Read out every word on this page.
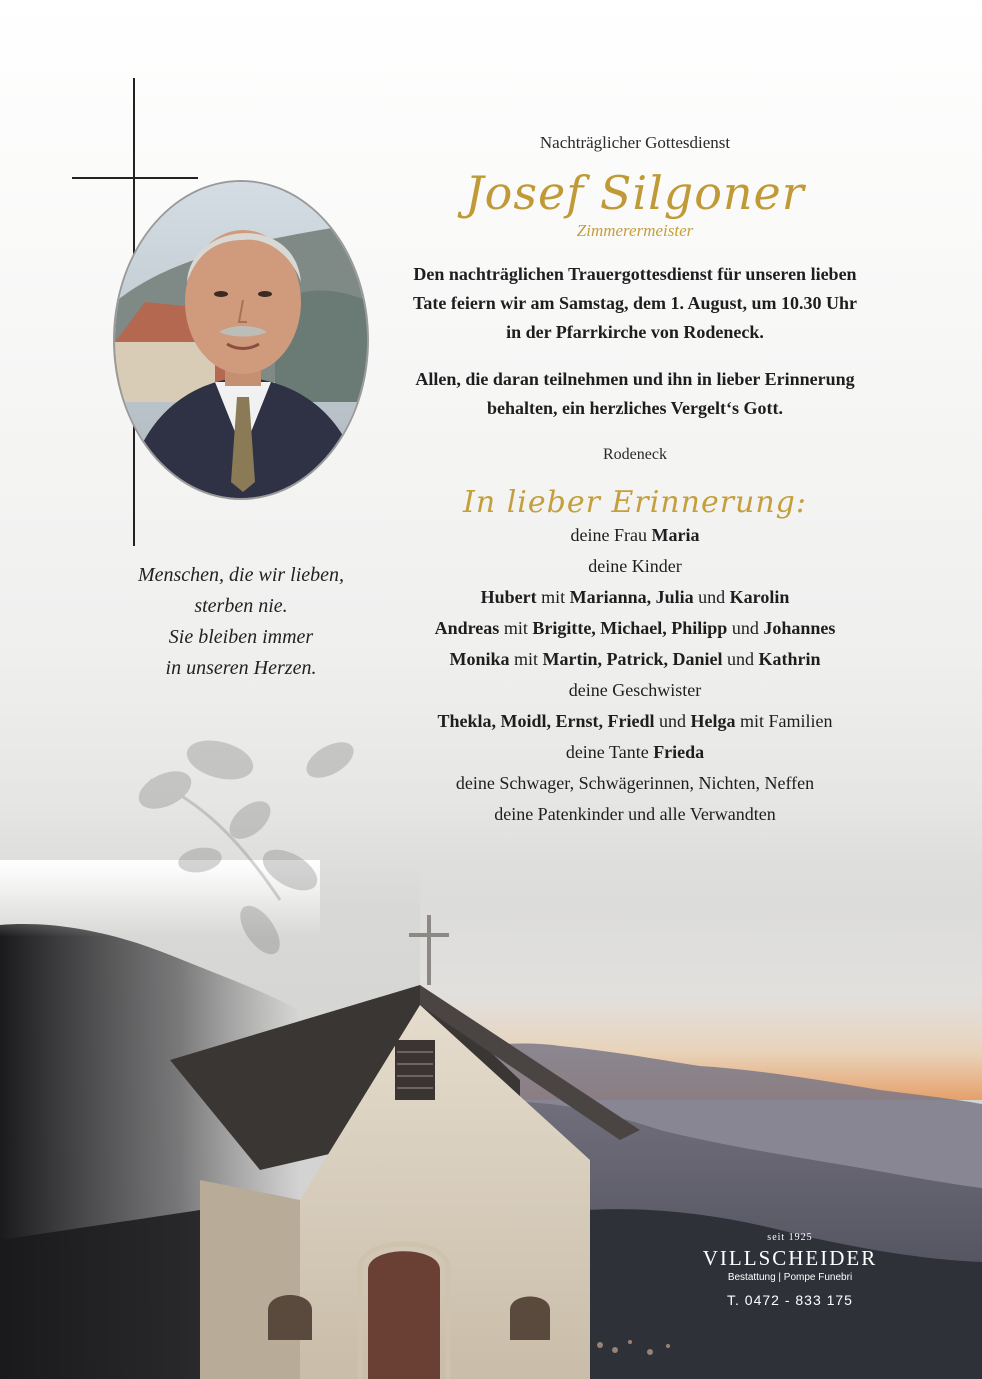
Menschen, die wir lieben,
sterben nie.
Sie bleiben immer
in unseren Herzen.
Nachträglicher Gottesdienst
Josef Silgoner
Zimmerermeister
Den nachträglichen Trauergottesdienst für unseren lieben
Tate feiern wir am Samstag, dem 1. August, um 10.30 Uhr
in der Pfarrkirche von Rodeneck.
Allen, die daran teilnehmen und ihn in lieber Erinnerung
behalten, ein herzliches Vergelt‘s Gott.
Rodeneck
In lieber Erinnerung:
deine Frau Maria
deine Kinder
Hubert mit Marianna, Julia und Karolin
Andreas mit Brigitte, Michael, Philipp und Johannes
Monika mit Martin, Patrick, Daniel und Kathrin
deine Geschwister
Thekla, Moidl, Ernst, Friedl und Helga mit Familien
deine Tante Frieda
deine Schwager, Schwägerinnen, Nichten, Neffen
deine Patenkinder und alle Verwandten
seit 1925
VILLSCHEIDER
Bestattung | Pompe Funebri
T. 0472 - 833 175
